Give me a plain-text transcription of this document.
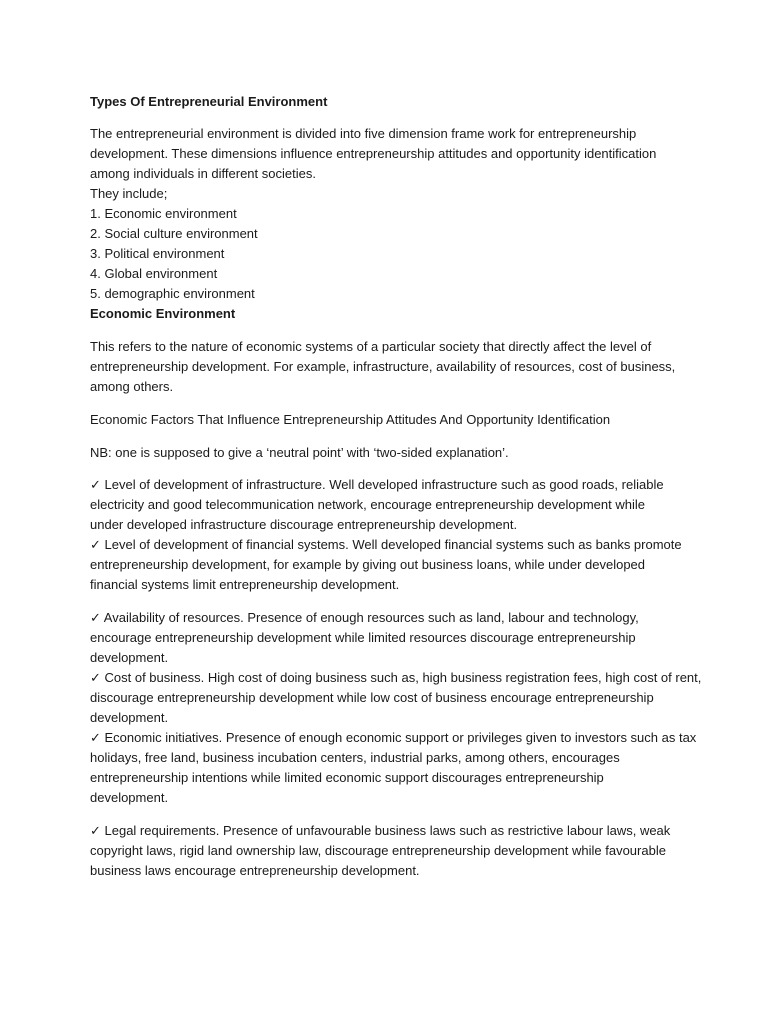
Types Of Entrepreneurial Environment

The entrepreneurial environment is divided into five dimension frame work for entrepreneurship

development. These dimensions influence entrepreneurship attitudes and opportunity identification

among individuals in different societies.

They include;

1. Economic environment

2. Social culture environment

3. Political environment

4. Global environment

5. demographic environment

Economic Environment

This refers to the nature of economic systems of a particular society that directly affect the level of

entrepreneurship development. For example, infrastructure, availability of resources, cost of business,

among others.

Economic Factors That Influence Entrepreneurship Attitudes And Opportunity Identification

NB: one is supposed to give a ‘neutral point’ with ‘two-sided explanation’.

✓ Level of development of infrastructure. Well developed infrastructure such as good roads, reliable

electricity and good telecommunication network, encourage entrepreneurship development while

under developed infrastructure discourage entrepreneurship development.

✓ Level of development of financial systems. Well developed financial systems such as banks promote

entrepreneurship development, for example by giving out business loans, while under developed

financial systems limit entrepreneurship development.

✓ Availability of resources. Presence of enough resources such as land, labour and technology,

encourage entrepreneurship development while limited resources discourage entrepreneurship

development.

✓ Cost of business. High cost of doing business such as, high business registration fees, high cost of rent,

discourage entrepreneurship development while low cost of business encourage entrepreneurship

development.

✓ Economic initiatives. Presence of enough economic support or privileges given to investors such as tax

holidays, free land, business incubation centers, industrial parks, among others, encourages

entrepreneurship intentions while limited economic support discourages entrepreneurship

development.

✓ Legal requirements. Presence of unfavourable business laws such as restrictive labour laws, weak

copyright laws, rigid land ownership law, discourage entrepreneurship development while favourable

business laws encourage entrepreneurship development.
